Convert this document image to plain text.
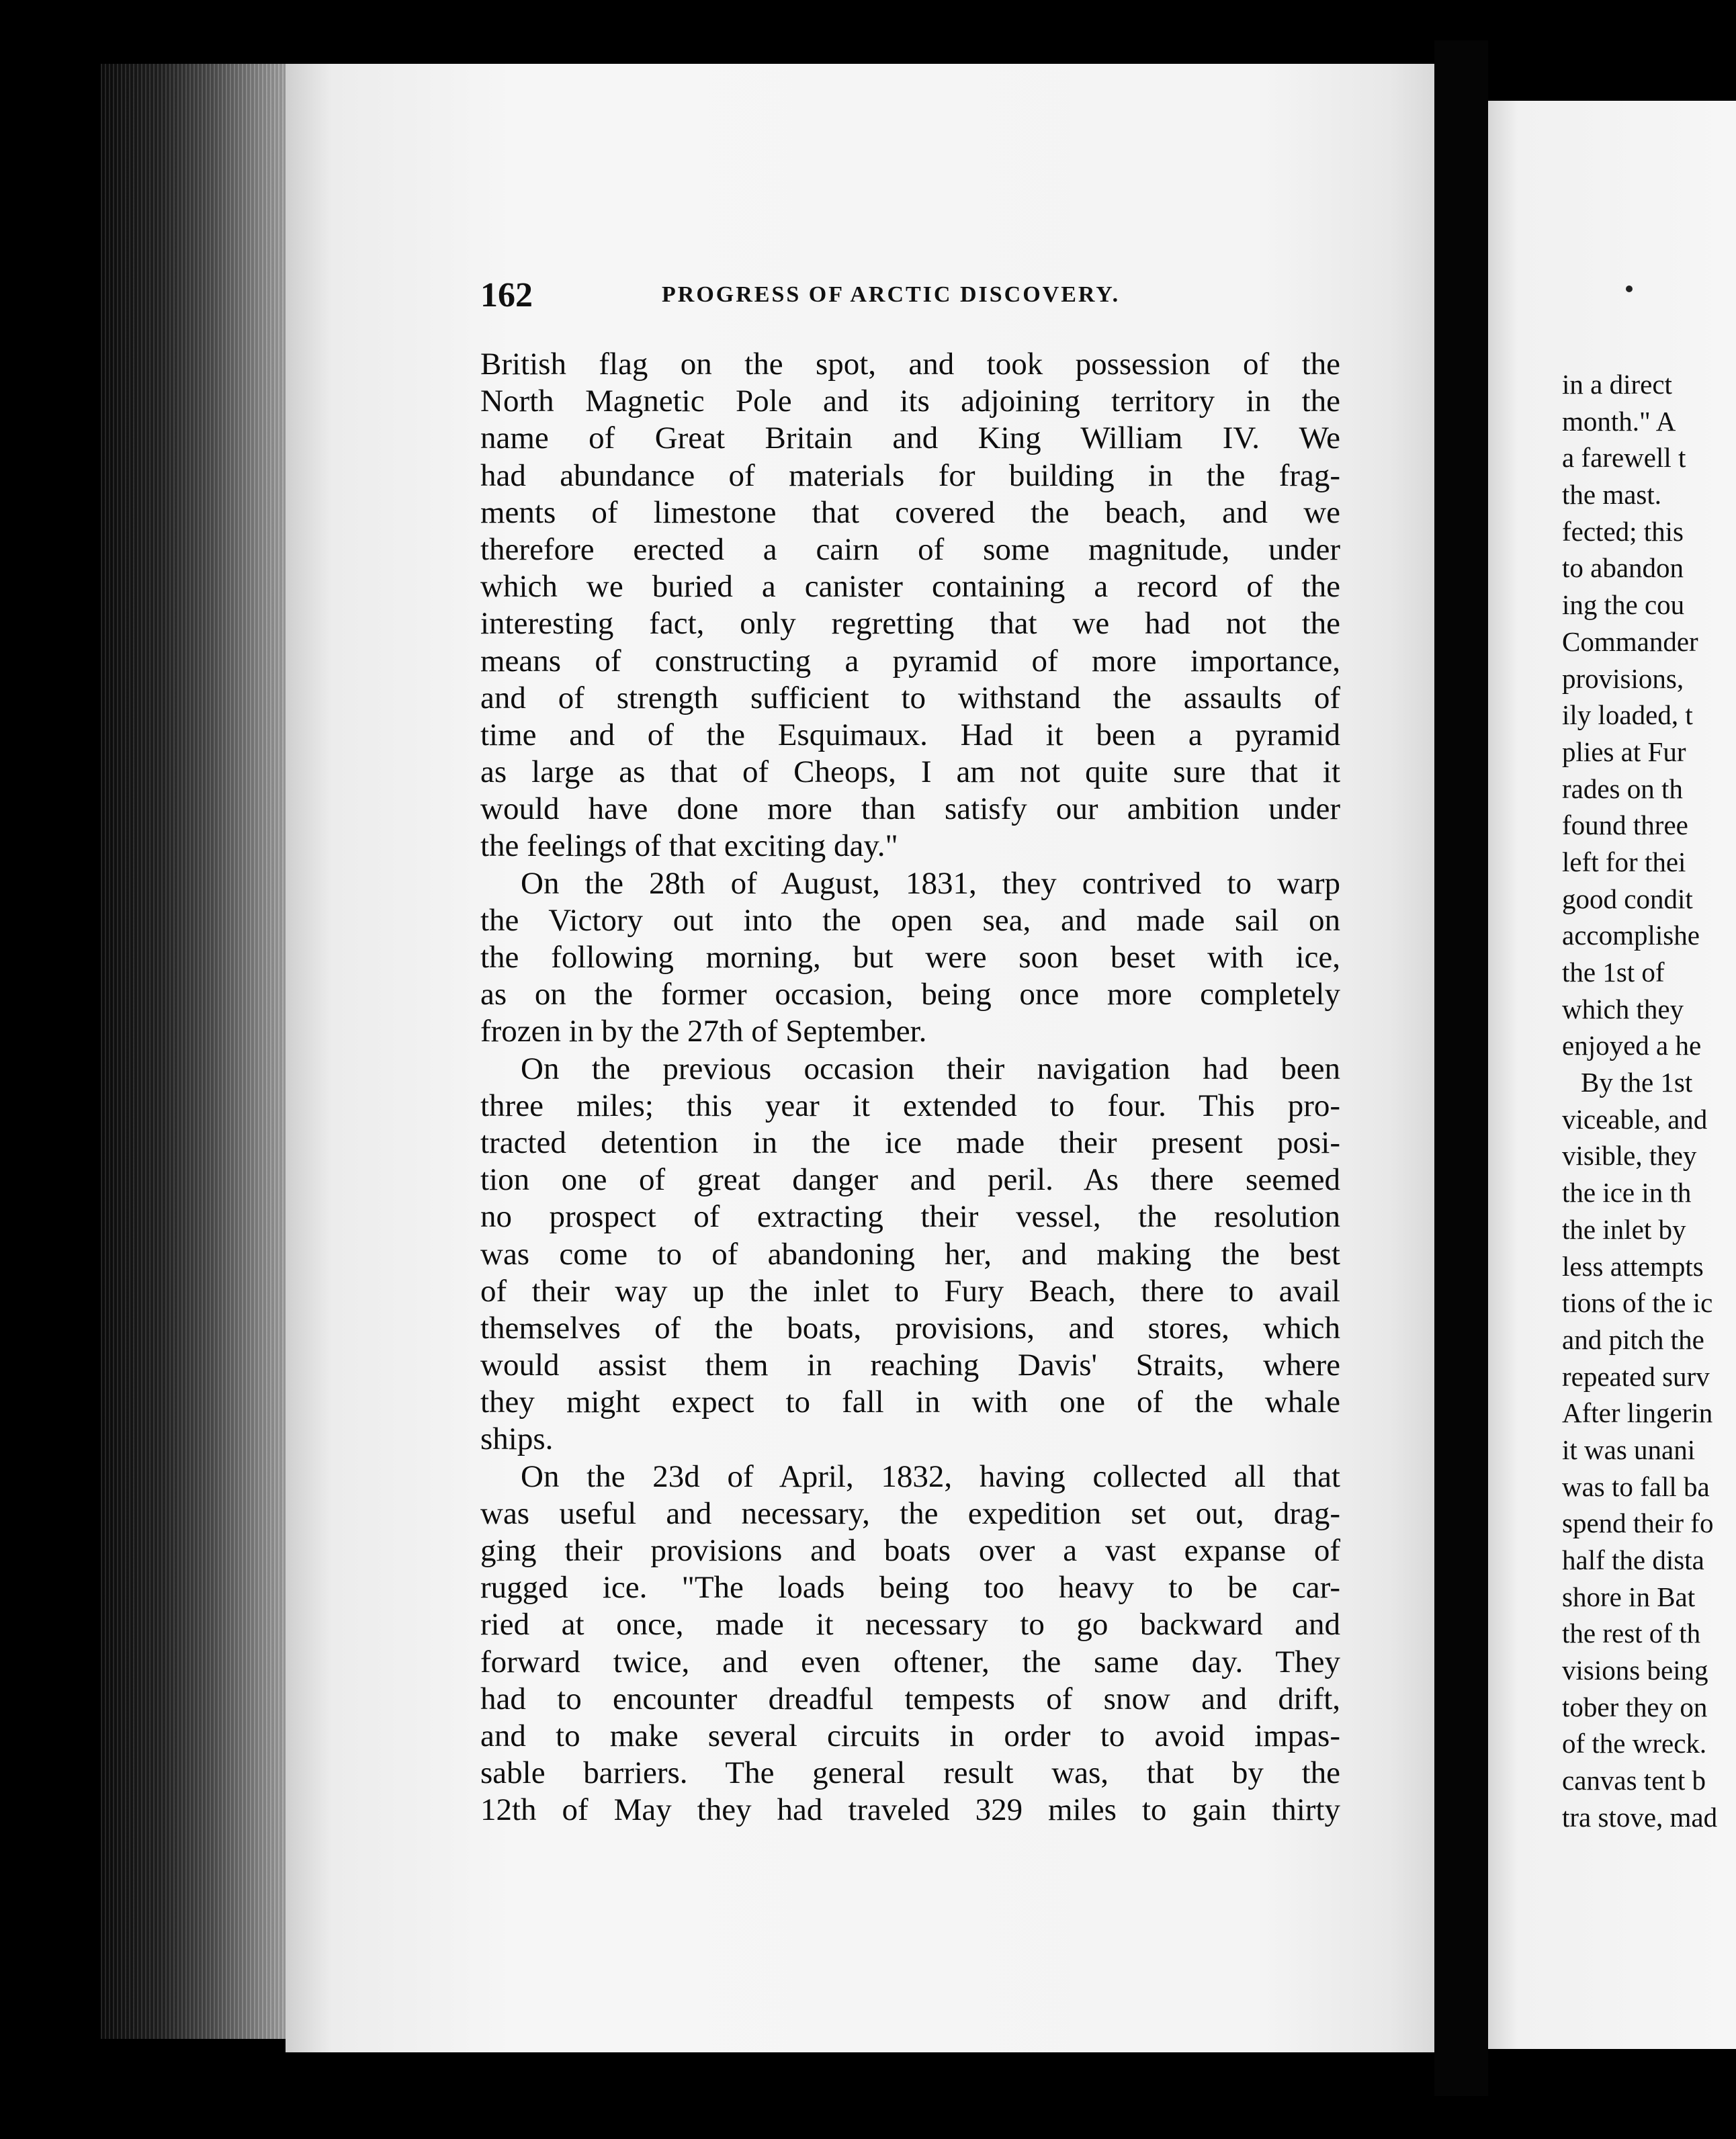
162	PROGRESS OF ARCTIC DISCOVERY.
British flag on the spot, and took possession of the
North Magnetic Pole and its adjoining territory in the
name of Great Britain and King William IV. We
had abundance of materials for building in the frag-
ments of limestone that covered the beach, and we
therefore erected a cairn of some magnitude, under
which we buried a canister containing a record of the
interesting fact, only regretting that we had not the
means of constructing a pyramid of more importance,
and of strength sufficient to withstand the assaults of
time and of the Esquimaux. Had it been a pyramid
as large as that of Cheops, I am not quite sure that it
would have done more than satisfy our ambition under
the feelings of that exciting day."
On the 28th of August, 1831, they contrived to warp
the Victory out into the open sea, and made sail on
the following morning, but were soon beset with ice,
as on the former occasion, being once more completely
frozen in by the 27th of September.
On the previous occasion their navigation had been
three miles; this year it extended to four. This pro-
tracted detention in the ice made their present posi-
tion one of great danger and peril. As there seemed
no prospect of extracting their vessel, the resolution
was come to of abandoning her, and making the best
of their way up the inlet to Fury Beach, there to avail
themselves of the boats, provisions, and stores, which
would assist them in reaching Davis' Straits, where
they might expect to fall in with one of the whale
ships.
On the 23d of April, 1832, having collected all that
was useful and necessary, the expedition set out, drag-
ging their provisions and boats over a vast expanse of
rugged ice. "The loads being too heavy to be car-
ried at once, made it necessary to go backward and
forward twice, and even oftener, the same day. They
had to encounter dreadful tempests of snow and drift,
and to make several circuits in order to avoid impas-
sable barriers. The general result was, that by the
12th of May they had traveled 329 miles to gain thirty
in a direct
month." A
a farewell t
the mast.
fected; this
to abandon
ing the cou
Commander
provisions,
ily loaded, t
plies at Fur
rades on th
found three
left for thei
good condit
accomplishe
the 1st of
which they
enjoyed a he
By the 1st
viceable, and
visible, they
the ice in th
the inlet by
less attempts
tions of the ic
and pitch the
repeated surv
After lingerin
it was unani
was to fall ba
spend their fo
half the dista
shore in Bat
the rest of th
visions being
tober they on
of the wreck.
canvas tent b
tra stove, mad
